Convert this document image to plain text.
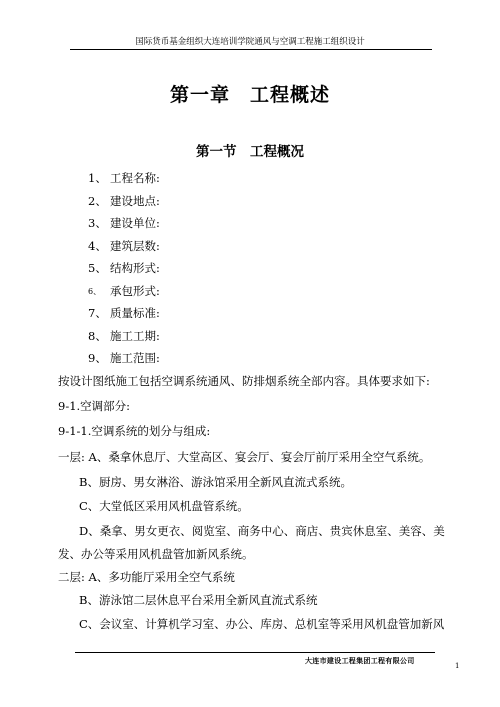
国际货币基金组织大连培训学院通风与空调工程施工组织设计
第一章　工程概述
第一节　工程概况
1、 工程名称:
2、 建设地点:
3、 建设单位:
4、 建筑层数:
5、 结构形式:
6、 承包形式:
7、 质量标准:
8、 施工工期:
9、 施工范围:
按设计图纸施工包括空调系统通风、防排烟系统全部内容。具体要求如下:
9-1.空调部分:
9-1-1.空调系统的划分与组成:
一层: A、桑拿休息厅、大堂高区、宴会厅、宴会厅前厅采用全空气系统。
B、厨房、男女淋浴、游泳馆采用全新风直流式系统。
C、大堂低区采用风机盘管系统。
D、桑拿、男女更衣、阅览室、商务中心、商店、贵宾休息室、美容、美
发、办公等采用风机盘管加新风系统。
二层: A、多功能厅采用全空气系统
B、游泳馆二层休息平台采用全新风直流式系统
C、会议室、计算机学习室、办公、库房、总机室等采用风机盘管加新风
大连市建设工程集团工程有限公司
1
